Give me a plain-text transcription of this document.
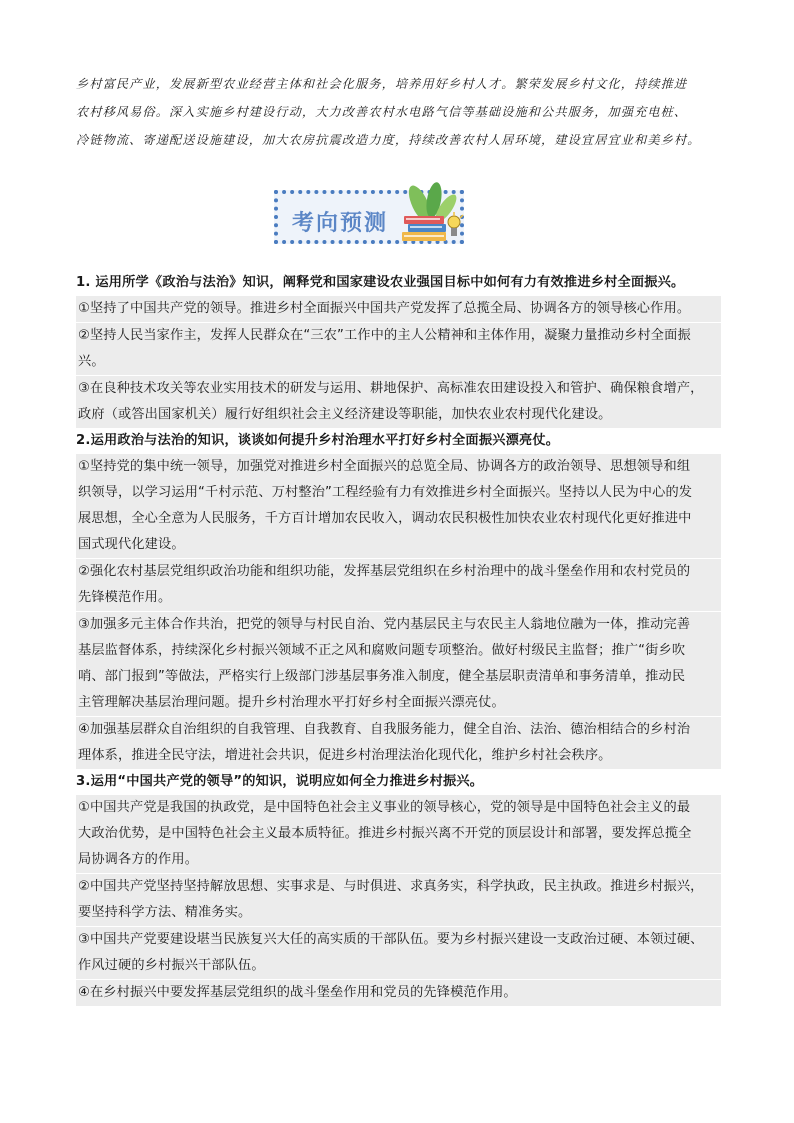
乡村富民产业，发展新型农业经营主体和社会化服务，培养用好乡村人才。繁荣发展乡村文化，持续推进

农村移风易俗。深入实施乡村建设行动，大力改善农村水电路气信等基础设施和公共服务，加强充电桩、

冷链物流、寄递配送设施建设，加大农房抗震改造力度，持续改善农村人居环境，建设宜居宜业和美乡村。

考向预测
1. 运用所学《政治与法治》知识，阐释党和国家建设农业强国目标中如何有力有效推进乡村全面振兴。
①坚持了中国共产党的领导。推进乡村全面振兴中国共产党发挥了总揽全局、协调各方的领导核心作用。
②坚持人民当家作主，发挥人民群众在“三农”工作中的主人公精神和主体作用，凝聚力量推动乡村全面振
兴。
③在良种技术攻关等农业实用技术的研发与运用、耕地保护、高标准农田建设投入和管护、确保粮食增产，
政府（或答出国家机关）履行好组织社会主义经济建设等职能，加快农业农村现代化建设。
2.运用政治与法治的知识，谈谈如何提升乡村治理水平打好乡村全面振兴漂亮仗。
①坚持党的集中统一领导，加强党对推进乡村全面振兴的总览全局、协调各方的政治领导、思想领导和组
织领导，以学习运用“千村示范、万村整治”工程经验有力有效推进乡村全面振兴。坚持以人民为中心的发
展思想，全心全意为人民服务，千方百计增加农民收入，调动农民积极性加快农业农村现代化更好推进中
国式现代化建设。
②强化农村基层党组织政治功能和组织功能，发挥基层党组织在乡村治理中的战斗堡垒作用和农村党员的
先锋模范作用。
③加强多元主体合作共治，把党的领导与村民自治、党内基层民主与农民主人翁地位融为一体，推动完善
基层监督体系，持续深化乡村振兴领域不正之风和腐败问题专项整治。做好村级民主监督；推广“街乡吹
哨、部门报到”等做法，严格实行上级部门涉基层事务准入制度，健全基层职责清单和事务清单，推动民
主管理解决基层治理问题。提升乡村治理水平打好乡村全面振兴漂亮仗。
④加强基层群众自治组织的自我管理、自我教育、自我服务能力，健全自治、法治、德治相结合的乡村治
理体系，推进全民守法，增进社会共识，促进乡村治理法治化现代化，维护乡村社会秩序。
3.运用“中国共产党的领导”的知识，说明应如何全力推进乡村振兴。
①中国共产党是我国的执政党，是中国特色社会主义事业的领导核心，党的领导是中国特色社会主义的最
大政治优势，是中国特色社会主义最本质特征。推进乡村振兴离不开党的顶层设计和部署，要发挥总揽全
局协调各方的作用。
②中国共产党坚持坚持解放思想、实事求是、与时俱进、求真务实，科学执政，民主执政。推进乡村振兴，
要坚持科学方法、精准务实。
③中国共产党要建设堪当民族复兴大任的高实质的干部队伍。要为乡村振兴建设一支政治过硬、本领过硬、
作风过硬的乡村振兴干部队伍。
④在乡村振兴中要发挥基层党组织的战斗堡垒作用和党员的先锋模范作用。
